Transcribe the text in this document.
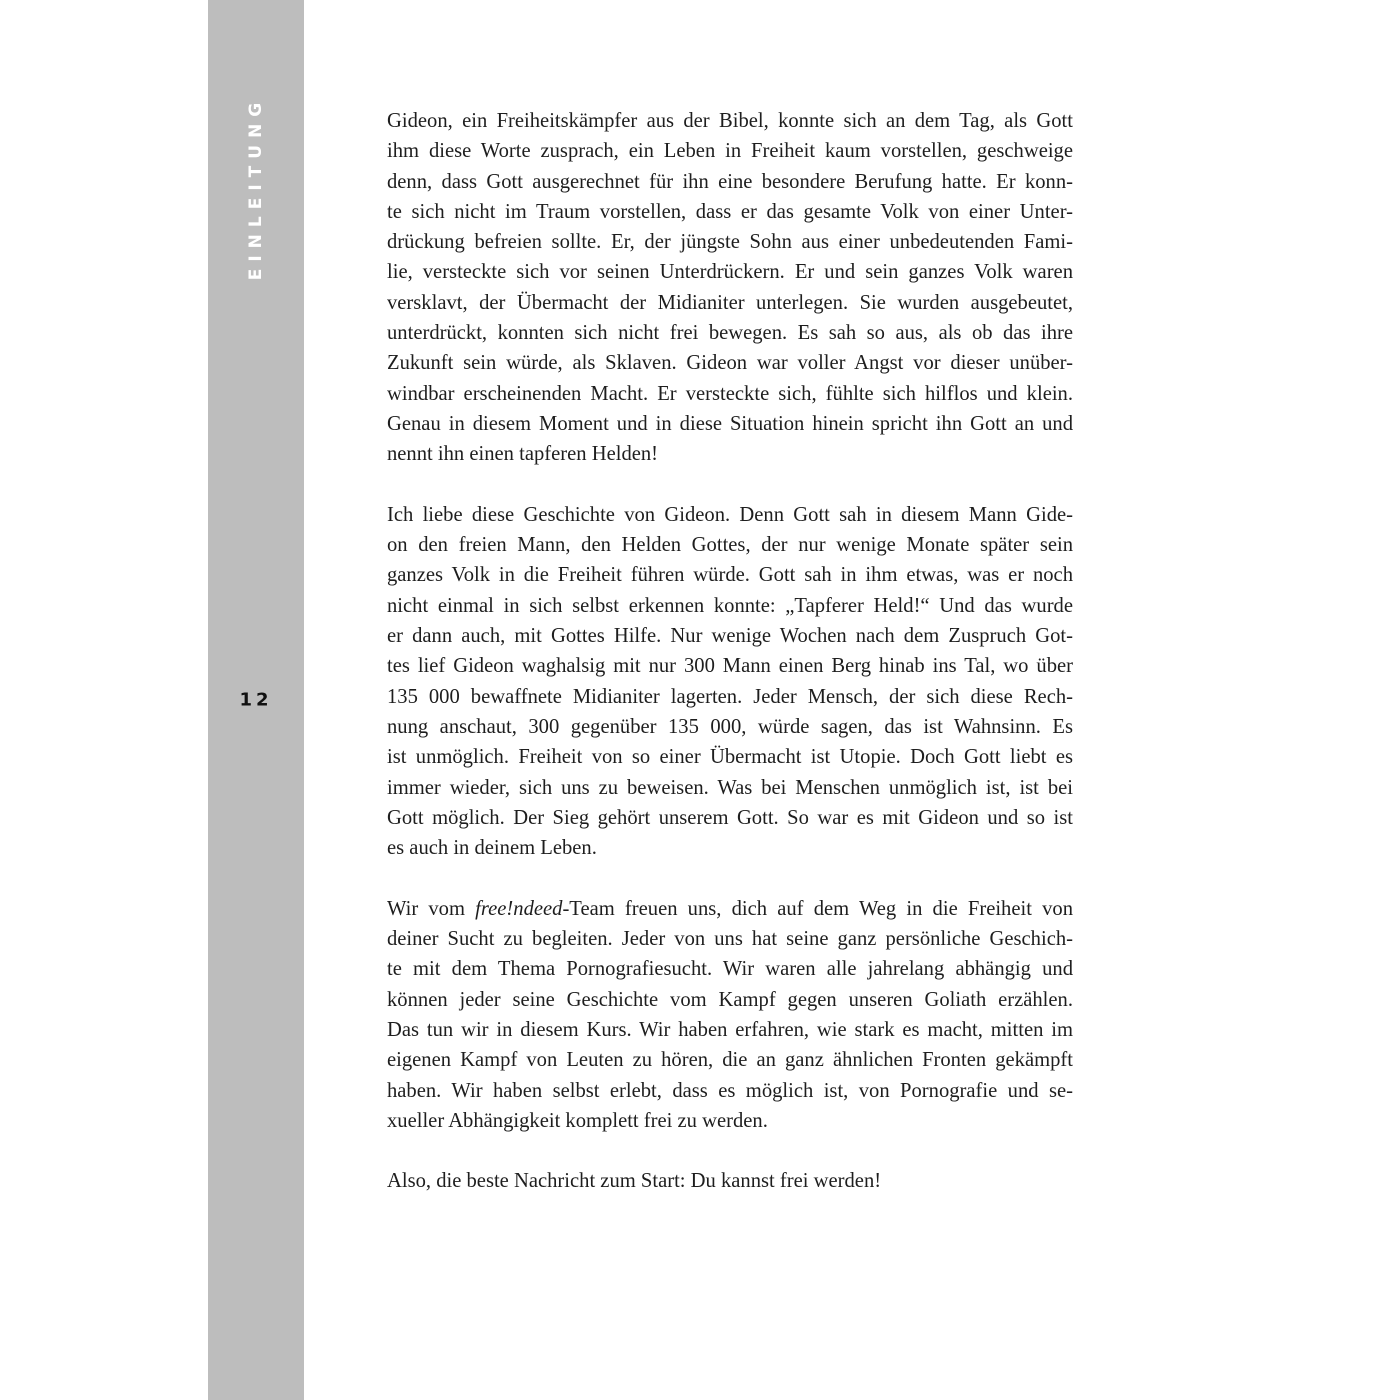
EINLEITUNG
12
Gideon, ein Freiheitskämpfer aus der Bibel, konnte sich an dem Tag, als Gott
ihm diese Worte zusprach, ein Leben in Freiheit kaum vorstellen, geschweige
denn, dass Gott ausgerechnet für ihn eine besondere Berufung hatte. Er konn-
te sich nicht im Traum vorstellen, dass er das gesamte Volk von einer Unter-
drückung befreien sollte. Er, der jüngste Sohn aus einer unbedeutenden Fami-
lie, versteckte sich vor seinen Unterdrückern. Er und sein ganzes Volk waren
versklavt, der Übermacht der Midianiter unterlegen. Sie wurden ausgebeutet,
unterdrückt, konnten sich nicht frei bewegen. Es sah so aus, als ob das ihre
Zukunft sein würde, als Sklaven. Gideon war voller Angst vor dieser unüber-
windbar erscheinenden Macht. Er versteckte sich, fühlte sich hilflos und klein.
Genau in diesem Moment und in diese Situation hinein spricht ihn Gott an und
nennt ihn einen tapferen Helden!
Ich liebe diese Geschichte von Gideon. Denn Gott sah in diesem Mann Gide-
on den freien Mann, den Helden Gottes, der nur wenige Monate später sein
ganzes Volk in die Freiheit führen würde. Gott sah in ihm etwas, was er noch
nicht einmal in sich selbst erkennen konnte: „Tapferer Held!“ Und das wurde
er dann auch, mit Gottes Hilfe. Nur wenige Wochen nach dem Zuspruch Got-
tes lief Gideon waghalsig mit nur 300 Mann einen Berg hinab ins Tal, wo über
135 000 bewaffnete Midianiter lagerten. Jeder Mensch, der sich diese Rech-
nung anschaut, 300 gegenüber 135 000, würde sagen, das ist Wahnsinn. Es
ist unmöglich. Freiheit von so einer Übermacht ist Utopie. Doch Gott liebt es
immer wieder, sich uns zu beweisen. Was bei Menschen unmöglich ist, ist bei
Gott möglich. Der Sieg gehört unserem Gott. So war es mit Gideon und so ist
es auch in deinem Leben.
Wir vom free!ndeed-Team freuen uns, dich auf dem Weg in die Freiheit von
deiner Sucht zu begleiten. Jeder von uns hat seine ganz persönliche Geschich-
te mit dem Thema Pornografiesucht. Wir waren alle jahrelang abhängig und
können jeder seine Geschichte vom Kampf gegen unseren Goliath erzählen.
Das tun wir in diesem Kurs. Wir haben erfahren, wie stark es macht, mitten im
eigenen Kampf von Leuten zu hören, die an ganz ähnlichen Fronten gekämpft
haben. Wir haben selbst erlebt, dass es möglich ist, von Pornografie und se-
xueller Abhängigkeit komplett frei zu werden.
Also, die beste Nachricht zum Start: Du kannst frei werden!
